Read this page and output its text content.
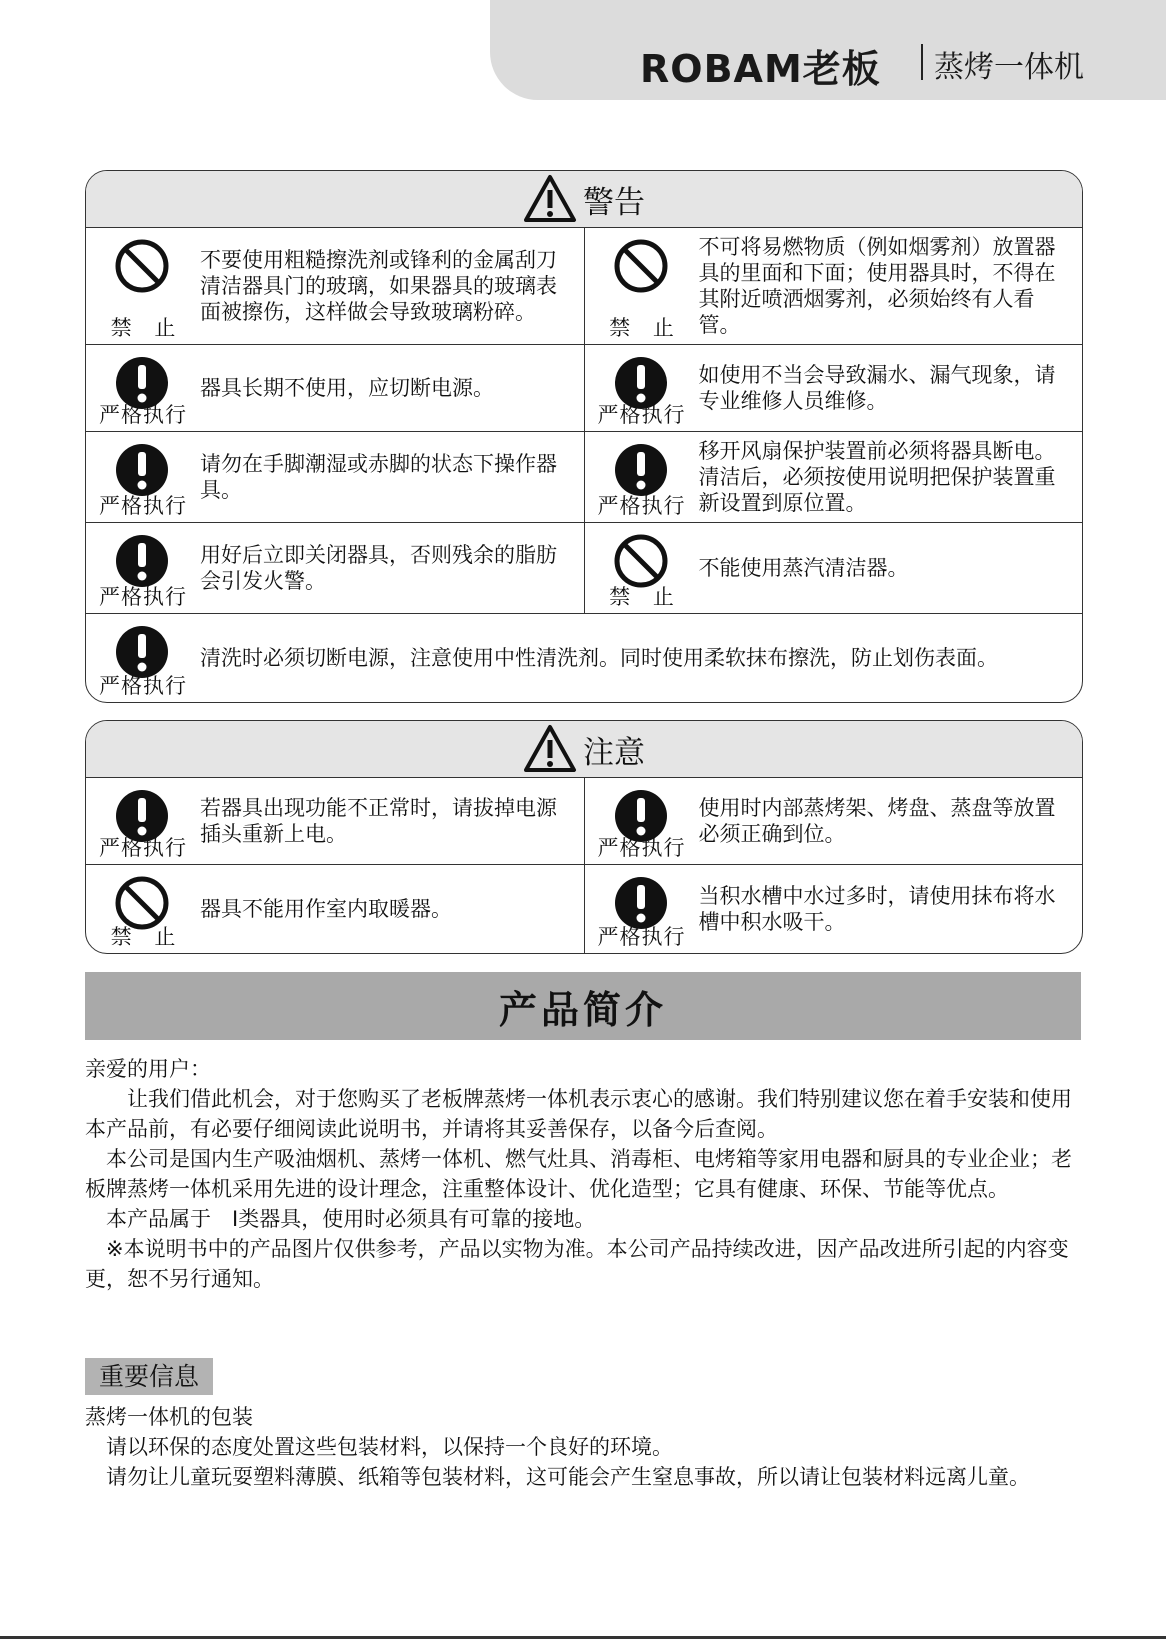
ROBAM老板 蒸烤一体机
警告
禁 止
不要使用粗糙擦洗剂或锋利的金属刮刀清洁器具门的玻璃，如果器具的玻璃表面被擦伤，这样做会导致玻璃粉碎。
禁 止
不可将易燃物质（例如烟雾剂）放置器具的里面和下面；使用器具时，不得在其附近喷洒烟雾剂，必须始终有人看管。
严格执行
器具长期不使用，应切断电源。
严格执行
如使用不当会导致漏水、漏气现象，请专业维修人员维修。
严格执行
请勿在手脚潮湿或赤脚的状态下操作器具。
严格执行
移开风扇保护装置前必须将器具断电。清洁后，必须按使用说明把保护装置重新设置到原位置。
严格执行
用好后立即关闭器具，否则残余的脂肪会引发火警。
禁 止
不能使用蒸汽清洁器。
严格执行
清洗时必须切断电源，注意使用中性清洗剂。同时使用柔软抹布擦洗，防止划伤表面。
注意
严格执行
若器具出现功能不正常时，请拔掉电源插头重新上电。
严格执行
使用时内部蒸烤架、烤盘、蒸盘等放置必须正确到位。
禁 止
器具不能用作室内取暖器。
严格执行
当积水槽中水过多时，请使用抹布将水槽中积水吸干。
产品简介

亲爱的用户：

　　让我们借此机会，对于您购买了老板牌蒸烤一体机表示衷心的感谢。我们特别建议您在着手安装和使用本产品前，有必要仔细阅读此说明书，并请将其妥善保存，以备今后查阅。

　本公司是国内生产吸油烟机、蒸烤一体机、燃气灶具、消毒柜、电烤箱等家用电器和厨具的专业企业；老板牌蒸烤一体机采用先进的设计理念，注重整体设计、优化造型；它具有健康、环保、节能等优点。

　本产品属于　Ⅰ类器具，使用时必须具有可靠的接地。

　※本说明书中的产品图片仅供参考，产品以实物为准。本公司产品持续改进，因产品改进所引起的内容变更，恕不另行通知。

重要信息

蒸烤一体机的包装

　请以环保的态度处置这些包装材料，以保持一个良好的环境。

　请勿让儿童玩耍塑料薄膜、纸箱等包装材料，这可能会产生窒息事故，所以请让包装材料远离儿童。
